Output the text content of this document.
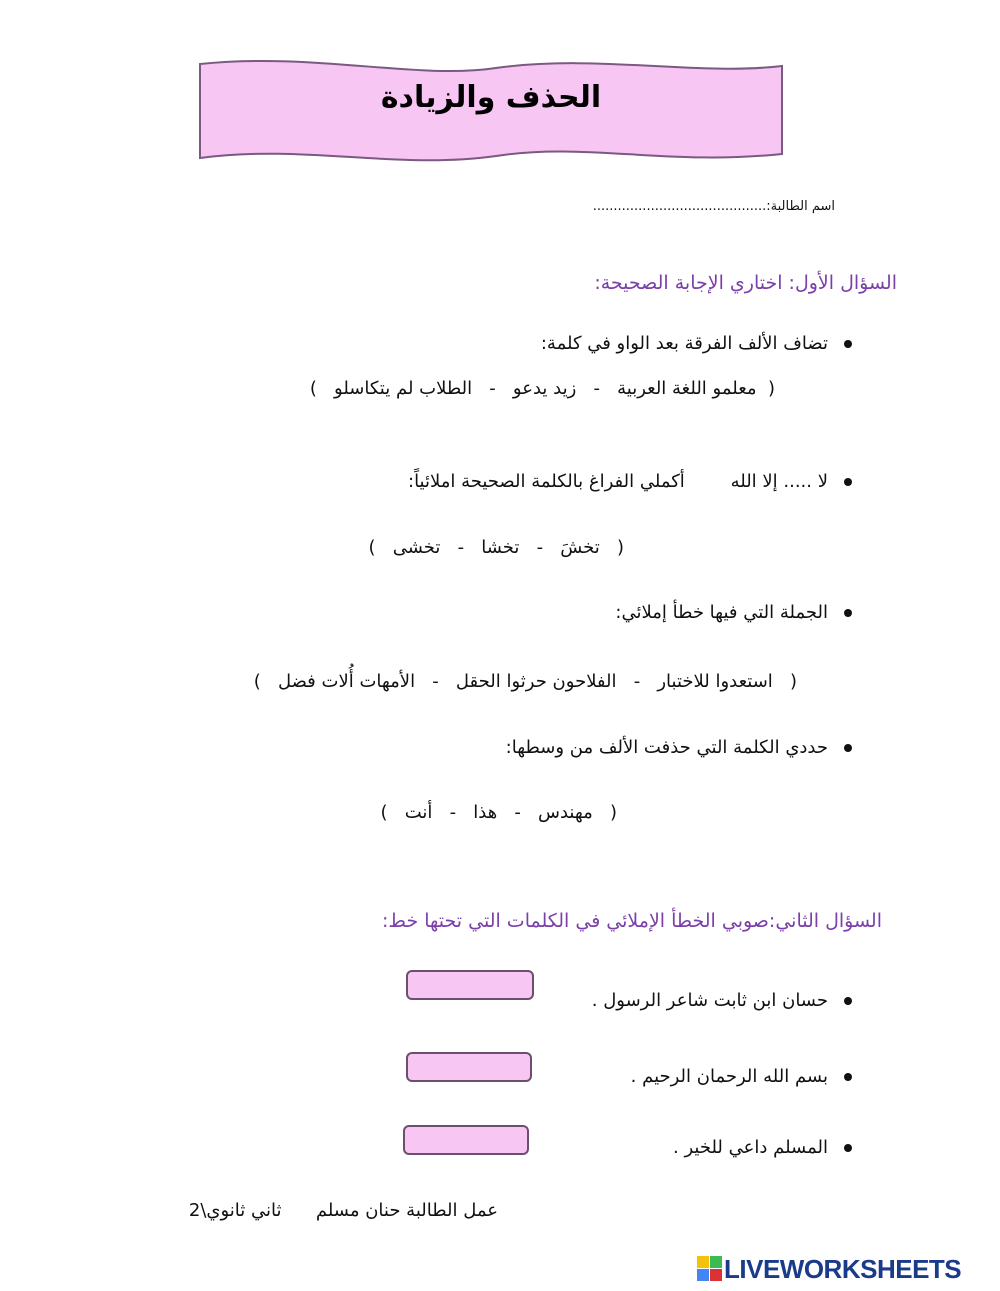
الحذف والزيادة
اسم الطالبة:..........................................
السؤال الأول: اختاري الإجابة الصحيحة:
تضاف الألف الفرقة بعد الواو في كلمة:
(  معلمو اللغة العربية   -   زيد يدعو   -   الطلاب لم يتكاسلو   )
لا ..... إلا الله        أكملي الفراغ بالكلمة الصحيحة املائياً:
(   تخشَ   -   تخشا   -   تخشى   )
الجملة التي فيها خطأ إملائي:
(   استعدوا للاختبار   -   الفلاحون حرثوا الحقل   -   الأمهات أُلات فضل   )
حددي الكلمة التي حذفت الألف من وسطها:
(   مهندس   -   هذا   -   أنت   )
السؤال الثاني:صوبي الخطأ الإملائي في الكلمات التي تحتها خط:
حسان ابن ثابت شاعر الرسول .
بسم الله الرحمان الرحيم .
المسلم داعي للخير .
عمل الطالبة حنان مسلم      ثاني ثانوي\2
LIVEWORKSHEETS
